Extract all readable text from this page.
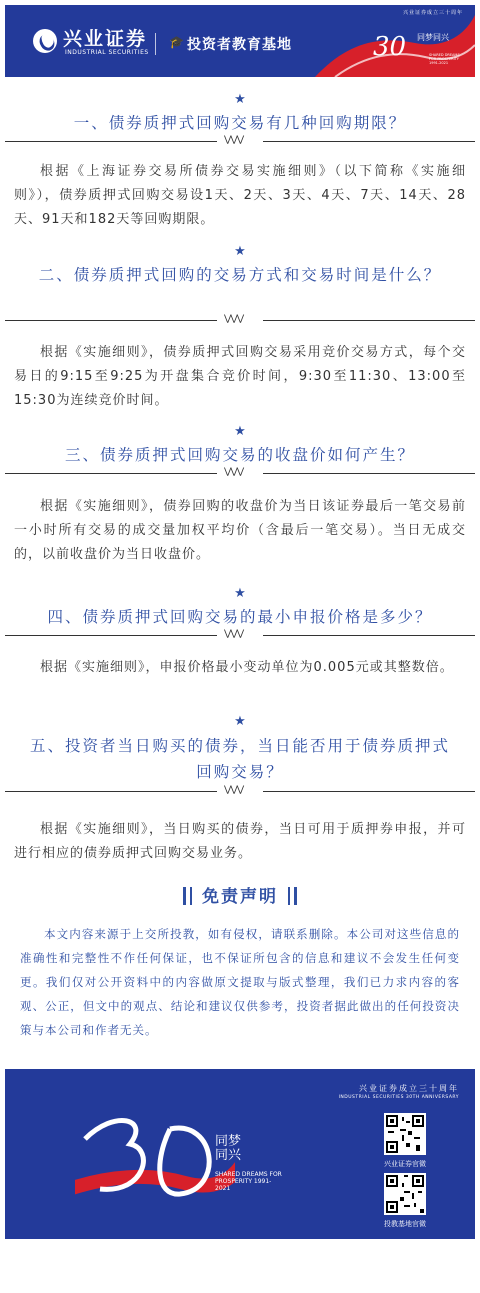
兴业证券
INDUSTRIAL SECURITIES
🎓 投资者教育基地	30
兴业证券成立三十周年
同梦同兴
SHARED DREAMS FOR PROSPERITY 1991-2021
★
一、债券质押式回购交易有几种回购期限？
⋁⋁⋁
根据《上海证券交易所债券交易实施细则》（以下简称《实施细则》），债券质押式回购交易设1天、2天、3天、4天、7天、14天、28天、91天和182天等回购期限。
★
二、债券质押式回购的交易方式和交易时间是什么？
⋁⋁⋁
根据《实施细则》，债券质押式回购交易采用竞价交易方式，每个交易日的9:15至9:25为开盘集合竞价时间，9:30至11:30、13:00至15:30为连续竞价时间。
★
三、债券质押式回购交易的收盘价如何产生？
⋁⋁⋁
根据《实施细则》，债券回购的收盘价为当日该证券最后一笔交易前一小时所有交易的成交量加权平均价（含最后一笔交易）。当日无成交的，以前收盘价为当日收盘价。
★
四、债券质押式回购交易的最小申报价格是多少？
⋁⋁⋁
根据《实施细则》，申报价格最小变动单位为0.005元或其整数倍。
★
五、投资者当日购买的债券，当日能否用于债券质押式回购交易？
⋁⋁⋁
根据《实施细则》，当日购买的债券，当日可用于质押券申报，并可进行相应的债券质押式回购交易业务。
免责声明
本文内容来源于上交所投教，如有侵权，请联系删除。本公司对这些信息的准确性和完整性不作任何保证，也不保证所包含的信息和建议不会发生任何变更。我们仅对公开资料中的内容做原文提取与版式整理，我们已力求内容的客观、公正，但文中的观点、结论和建议仅供参考，投资者据此做出的任何投资决策与本公司和作者无关。
兴业证券成立三十周年
INDUSTRIAL SECURITIES 30TH ANNIVERSARY
同梦
同兴
SHARED DREAMS FOR PROSPERITY 1991-2021
兴业证券官微
投教基地官微
